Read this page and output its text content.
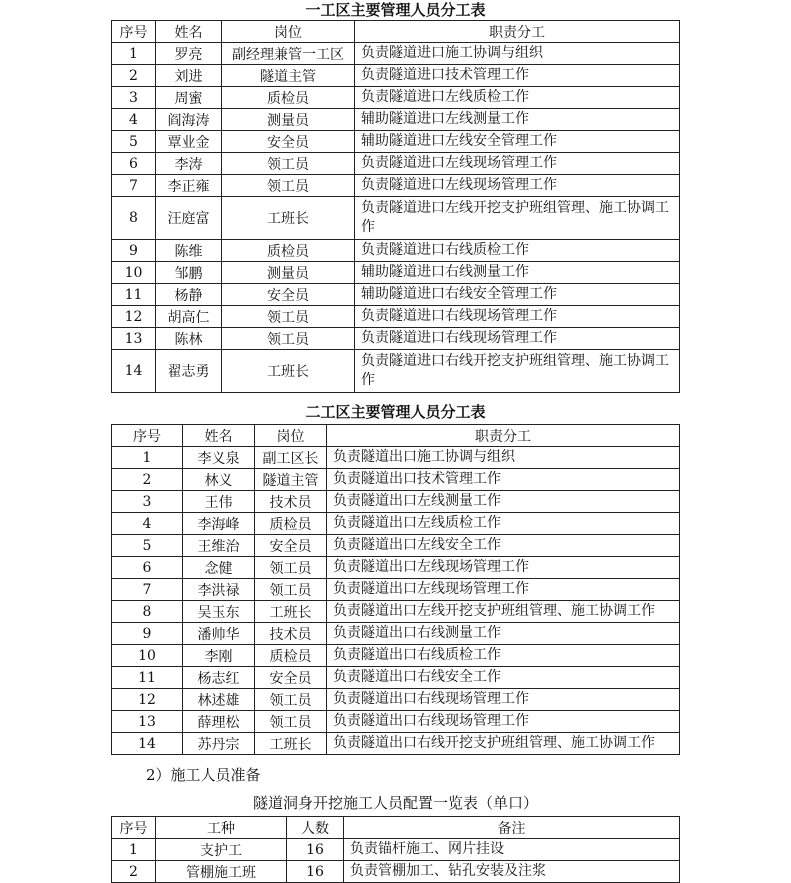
一工区主要管理人员分工表
序号	姓名	岗位	职责分工
1	罗亮	副经理兼管一工区	负责隧道进口施工协调与组织
2	刘进	隧道主管	负责隧道进口技术管理工作
3	周蜜	质检员	负责隧道进口左线质检工作
4	阎海涛	测量员	辅助隧道进口左线测量工作
5	覃业金	安全员	辅助隧道进口左线安全管理工作
6	李涛	领工员	负责隧道进口左线现场管理工作
7	李正雍	领工员	负责隧道进口左线现场管理工作
8	汪庭富	工班长	负责隧道进口左线开挖支护班组管理、施工协调工作
9	陈维	质检员	负责隧道进口右线质检工作
10	邹鹏	测量员	辅助隧道进口右线测量工作
11	杨静	安全员	辅助隧道进口右线安全管理工作
12	胡高仁	领工员	负责隧道进口右线现场管理工作
13	陈林	领工员	负责隧道进口右线现场管理工作
14	翟志勇	工班长	负责隧道进口右线开挖支护班组管理、施工协调工作
二工区主要管理人员分工表
序号	姓名	岗位	职责分工
1	李义泉	副工区长	负责隧道出口施工协调与组织
2	林义	隧道主管	负责隧道出口技术管理工作
3	王伟	技术员	负责隧道出口左线测量工作
4	李海峰	质检员	负责隧道出口左线质检工作
5	王维治	安全员	负责隧道出口左线安全工作
6	念健	领工员	负责隧道出口左线现场管理工作
7	李洪禄	领工员	负责隧道出口左线现场管理工作
8	吴玉东	工班长	负责隧道出口左线开挖支护班组管理、施工协调工作
9	潘帅华	技术员	负责隧道出口右线测量工作
10	李刚	质检员	负责隧道出口右线质检工作
11	杨志红	安全员	负责隧道出口右线安全工作
12	林述雄	领工员	负责隧道出口右线现场管理工作
13	薛理松	领工员	负责隧道出口右线现场管理工作
14	苏丹宗	工班长	负责隧道出口右线开挖支护班组管理、施工协调工作
2）施工人员准备
隧道洞身开挖施工人员配置一览表（单口）
序号	工种	人数	备注
1	支护工	16	负责锚杆施工、网片挂设
2	管棚施工班	16	负责管棚加工、钻孔安装及注浆
